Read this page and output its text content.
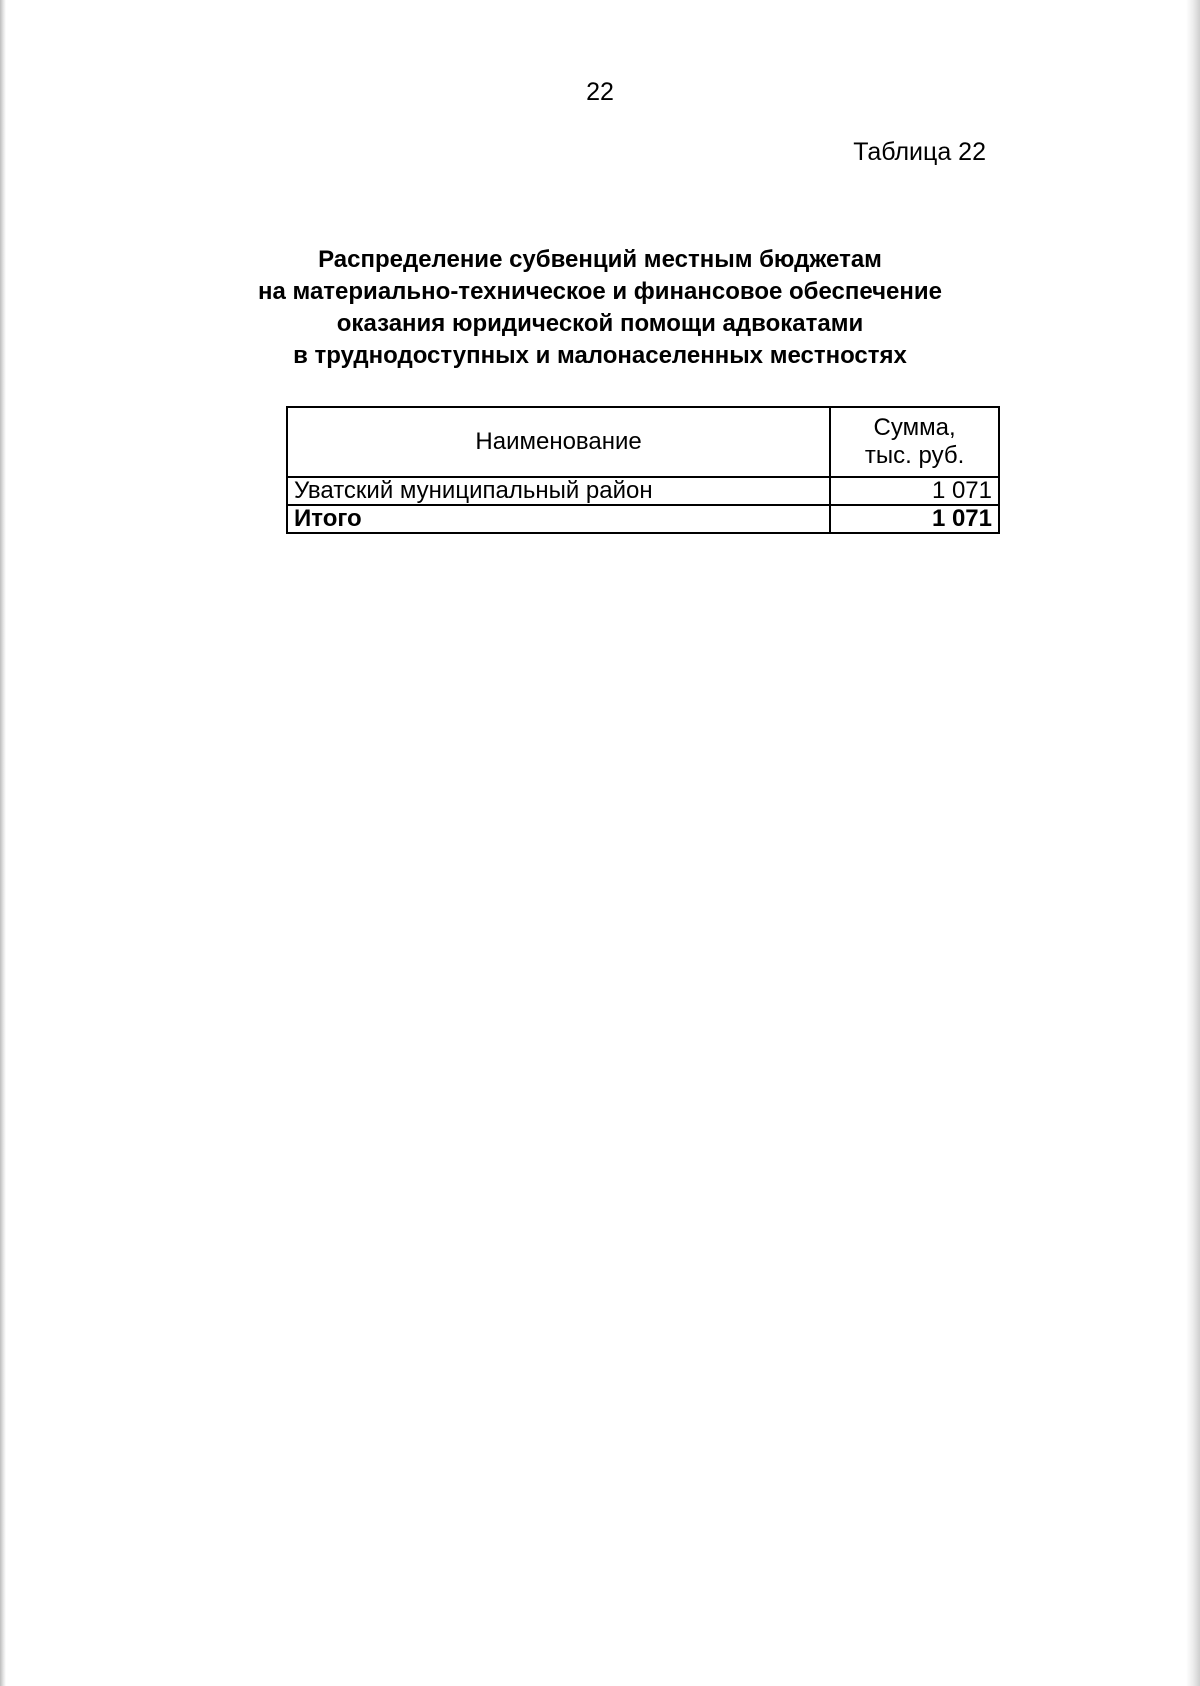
22
Таблица 22
Распределение субвенций местным бюджетам
на материально-техническое и финансовое обеспечение
оказания юридической помощи адвокатами
в труднодоступных и малонаселенных местностях
Наименование	Сумма,
тыс. руб.

Уватский муниципальный район	1 071
Итого	1 071
